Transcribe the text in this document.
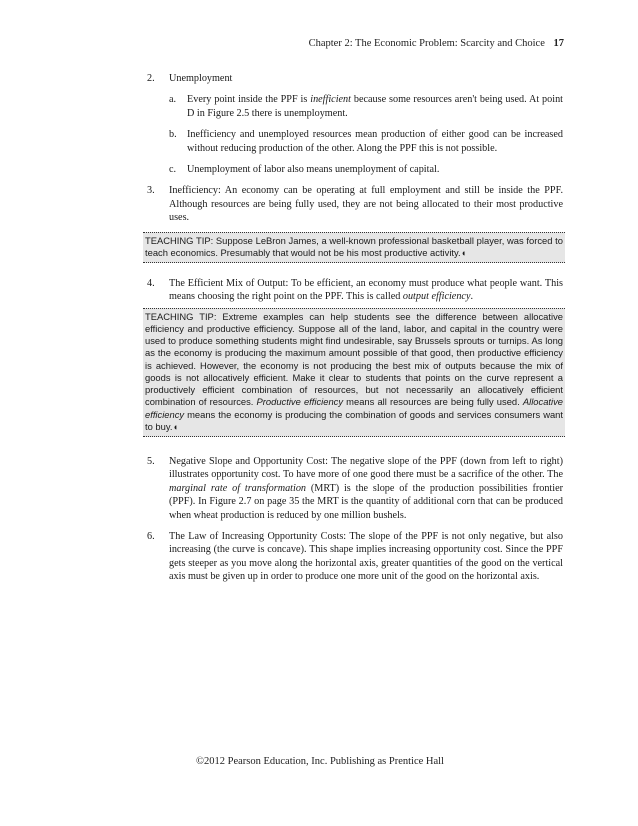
Chapter 2: The Economic Problem: Scarcity and Choice 17
2. Unemployment
a. Every point inside the PPF is inefficient because some resources aren't being used. At point D in Figure 2.5 there is unemployment.
b. Inefficiency and unemployed resources mean production of either good can be increased without reducing production of the other. Along the PPF this is not possible.
c. Unemployment of labor also means unemployment of capital.
3. Inefficiency: An economy can be operating at full employment and still be inside the PPF. Although resources are being fully used, they are not being allocated to their most productive uses.
TEACHING TIP: Suppose LeBron James, a well-known professional basketball player, was forced to teach economics. Presumably that would not be his most productive activity.◖
4. The Efficient Mix of Output: To be efficient, an economy must produce what people want. This means choosing the right point on the PPF. This is called output efficiency.
TEACHING TIP: Extreme examples can help students see the difference between allocative efficiency and productive efficiency. Suppose all of the land, labor, and capital in the country were used to produce something students might find undesirable, say Brussels sprouts or turnips. As long as the economy is producing the maximum amount possible of that good, then productive efficiency is achieved. However, the economy is not producing the best mix of outputs because the mix of goods is not allocatively efficient. Make it clear to students that points on the curve represent a productively efficient combination of resources, but not necessarily an allocatively efficient combination of resources. Productive efficiency means all resources are being fully used. Allocative efficiency means the economy is producing the combination of goods and services consumers want to buy.◖
5. Negative Slope and Opportunity Cost: The negative slope of the PPF (down from left to right) illustrates opportunity cost. To have more of one good there must be a sacrifice of the other. The marginal rate of transformation (MRT) is the slope of the production possibilities frontier (PPF). In Figure 2.7 on page 35 the MRT is the quantity of additional corn that can be produced when wheat production is reduced by one million bushels.
6. The Law of Increasing Opportunity Costs: The slope of the PPF is not only negative, but also increasing (the curve is concave). This shape implies increasing opportunity cost. Since the PPF gets steeper as you move along the horizontal axis, greater quantities of the good on the vertical axis must be given up in order to produce one more unit of the good on the horizontal axis.
©2012 Pearson Education, Inc. Publishing as Prentice Hall
